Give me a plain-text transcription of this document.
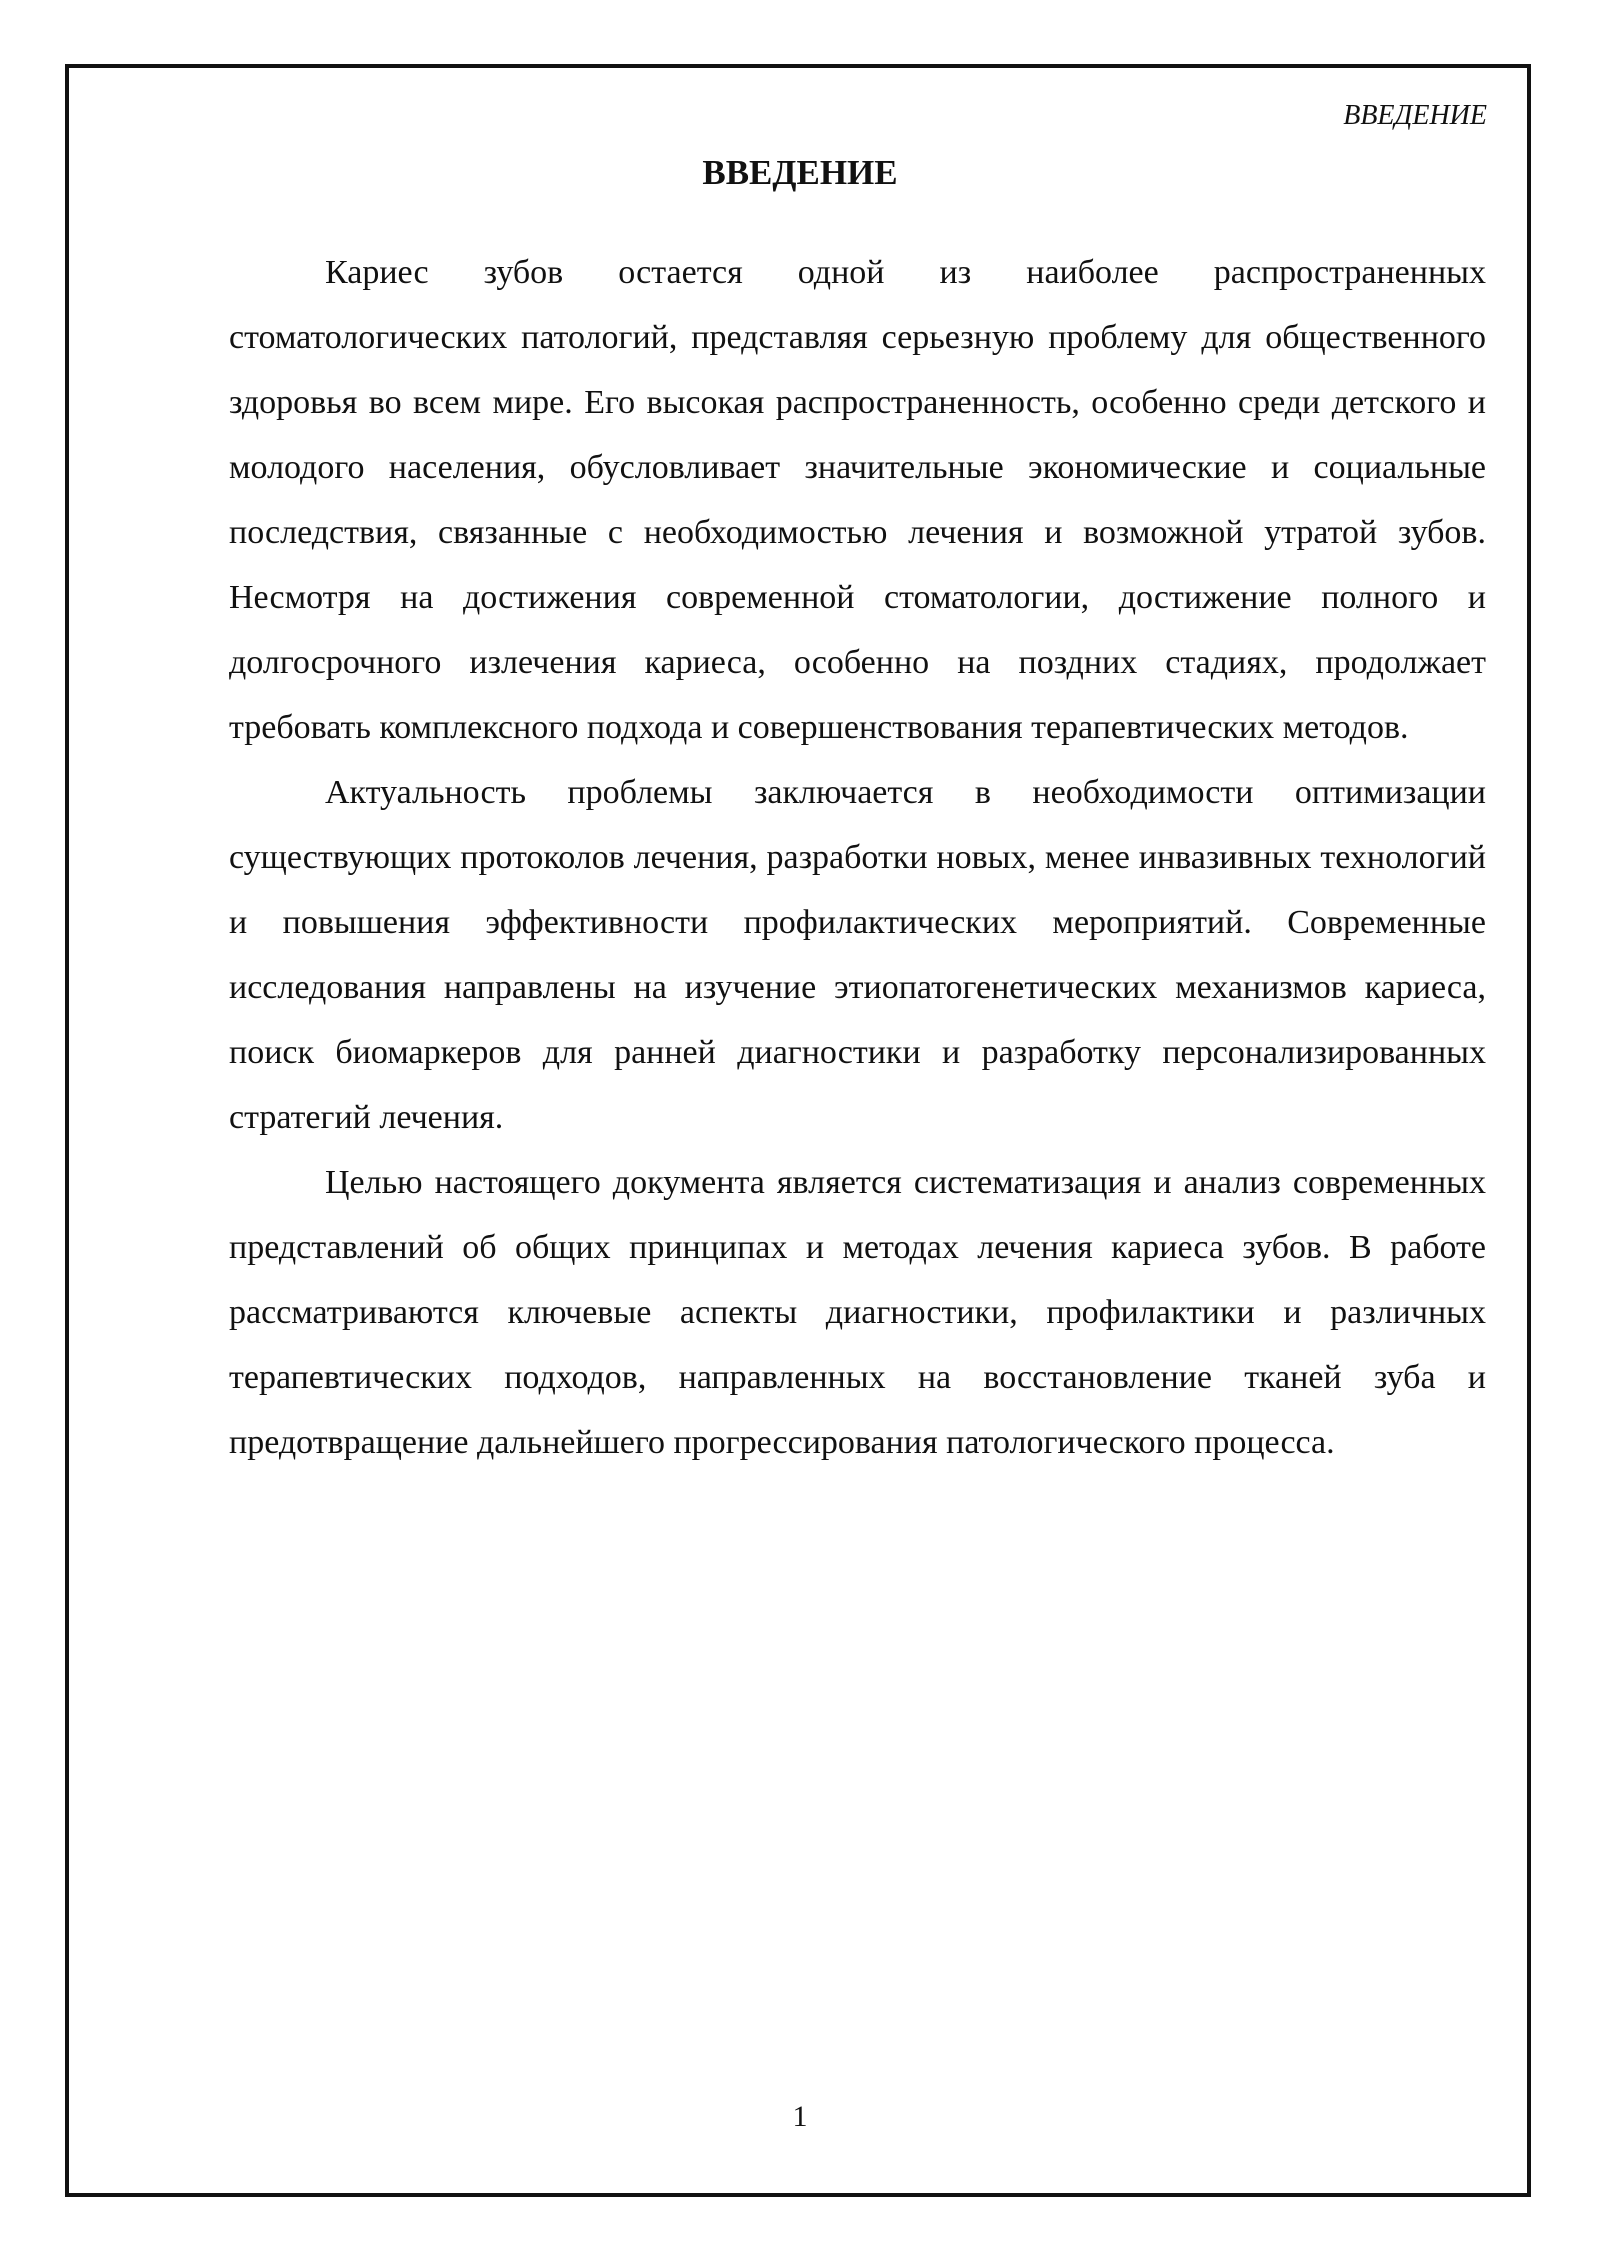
ВВЕДЕНИЕ
ВВЕДЕНИЕ

Кариес зубов остается одной из наиболее распространенных стоматологических патологий, представляя серьезную проблему для общественного здоровья во всем мире. Его высокая распространенность, особенно среди детского и молодого населения, обусловливает значительные экономические и социальные последствия, связанные с необходимостью лечения и возможной утратой зубов. Несмотря на достижения современной стоматологии, достижение полного и долгосрочного излечения кариеса, особенно на поздних стадиях, продолжает требовать комплексного подхода и совершенствования терапевтических методов.

Актуальность проблемы заключается в необходимости оптимизации существующих протоколов лечения, разработки новых, менее инвазивных технологий и повышения эффективности профилактических мероприятий. Современные исследования направлены на изучение этиопатогенетических механизмов кариеса, поиск биомаркеров для ранней диагностики и разработку персонализированных стратегий лечения.

Целью настоящего документа является систематизация и анализ современных представлений об общих принципах и методах лечения кариеса зубов. В работе рассматриваются ключевые аспекты диагностики, профилактики и различных терапевтических подходов, направленных на восстановление тканей зуба и предотвращение дальнейшего прогрессирования патологического процесса.

1
